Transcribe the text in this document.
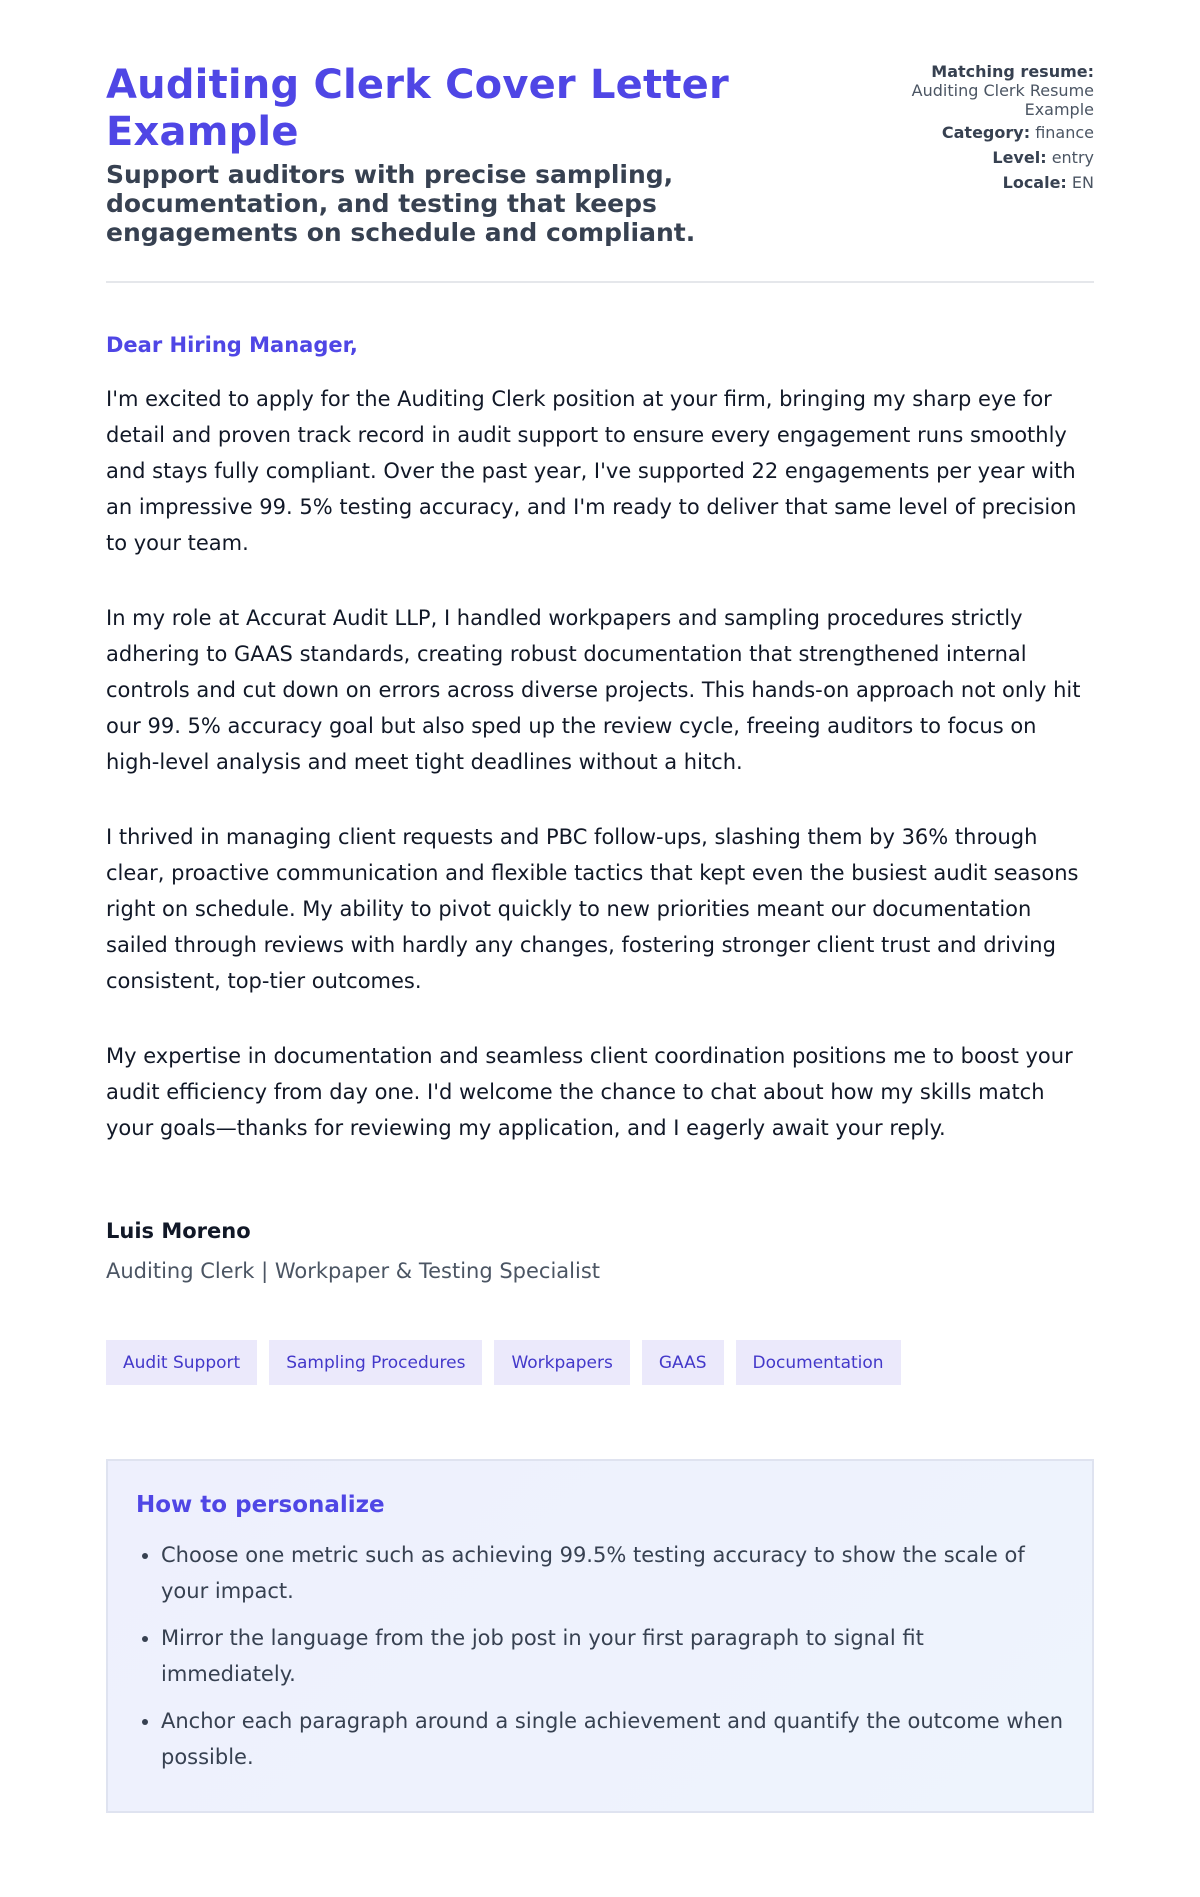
Auditing Clerk Cover Letter Example

Support auditors with precise sampling, documentation, and testing that keeps engagements on schedule and compliant.

Matching resume:
Auditing Clerk Resume Example
Category: finance
Level: entry
Locale: EN

Dear Hiring Manager,

I'm excited to apply for the Auditing Clerk position at your firm, bringing my sharp eye for detail and proven track record in audit support to ensure every engagement runs smoothly and stays fully compliant. Over the past year, I've supported 22 engagements per year with an impressive 99. 5% testing accuracy, and I'm ready to deliver that same level of precision to your team.

In my role at Accurat Audit LLP, I handled workpapers and sampling procedures strictly adhering to GAAS standards, creating robust documentation that strengthened internal controls and cut down on errors across diverse projects. This hands-on approach not only hit our 99. 5% accuracy goal but also sped up the review cycle, freeing auditors to focus on high-level analysis and meet tight deadlines without a hitch.

I thrived in managing client requests and PBC follow-ups, slashing them by 36% through clear, proactive communication and flexible tactics that kept even the busiest audit seasons right on schedule. My ability to pivot quickly to new priorities meant our documentation sailed through reviews with hardly any changes, fostering stronger client trust and driving consistent, top-tier outcomes.

My expertise in documentation and seamless client coordination positions me to boost your audit efficiency from day one. I'd welcome the chance to chat about how my skills match your goals—thanks for reviewing my application, and I eagerly await your reply.

Luis Moreno
Auditing Clerk | Workpaper & Testing Specialist
Audit Support	Sampling Procedures	Workpapers	GAAS	Documentation
How to personalize
• Choose one metric such as achieving 99.5% testing accuracy to show the scale of your impact.
• Mirror the language from the job post in your first paragraph to signal fit immediately.
• Anchor each paragraph around a single achievement and quantify the outcome when possible.
